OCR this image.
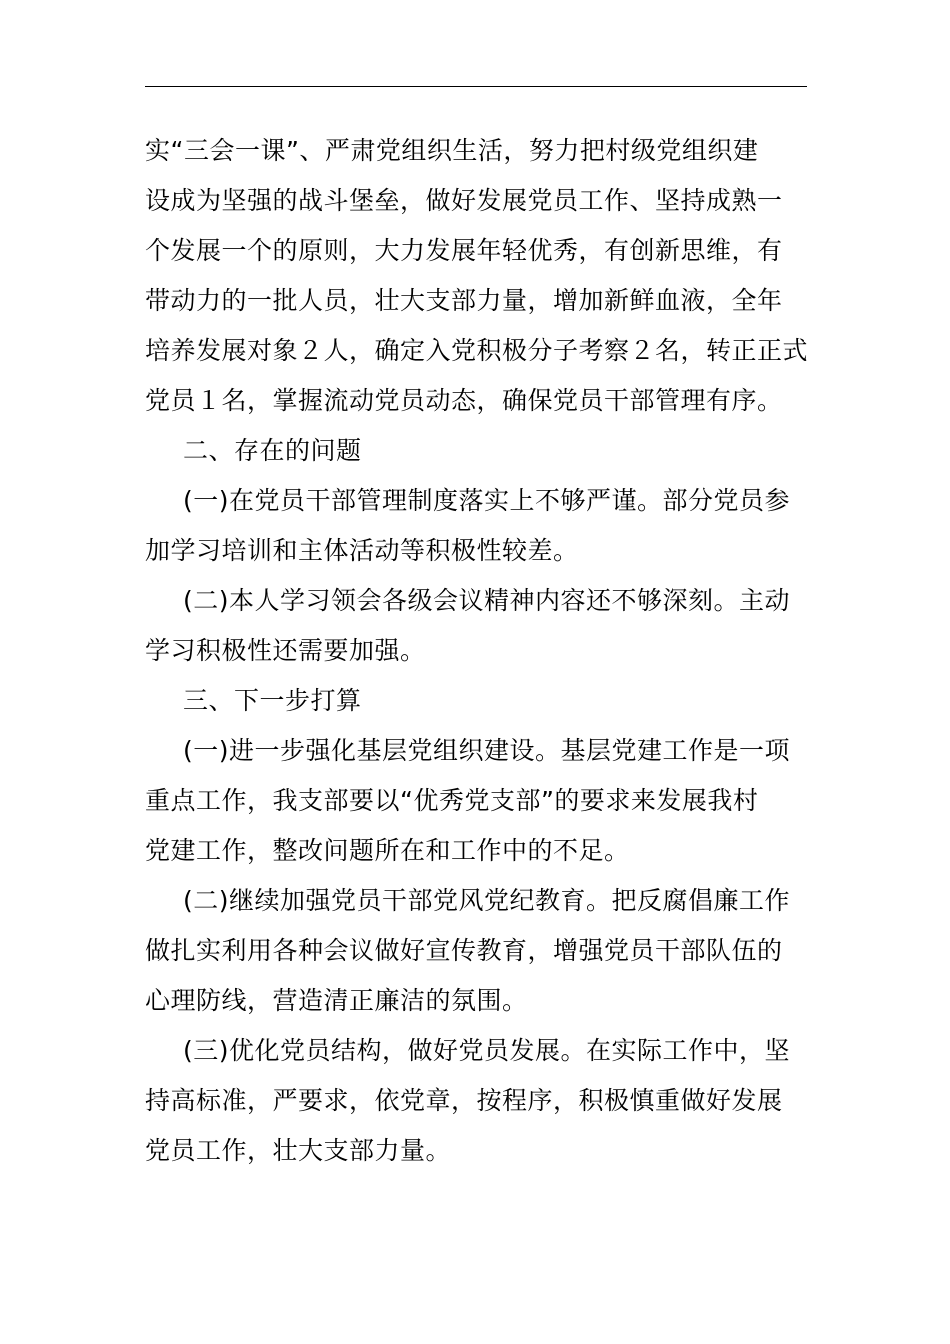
实“三会一课”、严肃党组织生活，努力把村级党组织建
设成为坚强的战斗堡垒，做好发展党员工作、坚持成熟一
个发展一个的原则，大力发展年轻优秀，有创新思维，有
带动力的一批人员，壮大支部力量，增加新鲜血液，全年
培养发展对象２人，确定入党积极分子考察２名，转正正式
党员１名，掌握流动党员动态，确保党员干部管理有序。
二、存在的问题
(一)在党员干部管理制度落实上不够严谨。部分党员参
加学习培训和主体活动等积极性较差。
(二)本人学习领会各级会议精神内容还不够深刻。主动
学习积极性还需要加强。
三、下一步打算
(一)进一步强化基层党组织建设。基层党建工作是一项
重点工作，我支部要以“优秀党支部”的要求来发展我村
党建工作，整改问题所在和工作中的不足。
(二)继续加强党员干部党风党纪教育。把反腐倡廉工作
做扎实利用各种会议做好宣传教育，增强党员干部队伍的
心理防线，营造清正廉洁的氛围。
(三)优化党员结构，做好党员发展。在实际工作中，坚
持高标准，严要求，依党章，按程序，积极慎重做好发展
党员工作，壮大支部力量。
